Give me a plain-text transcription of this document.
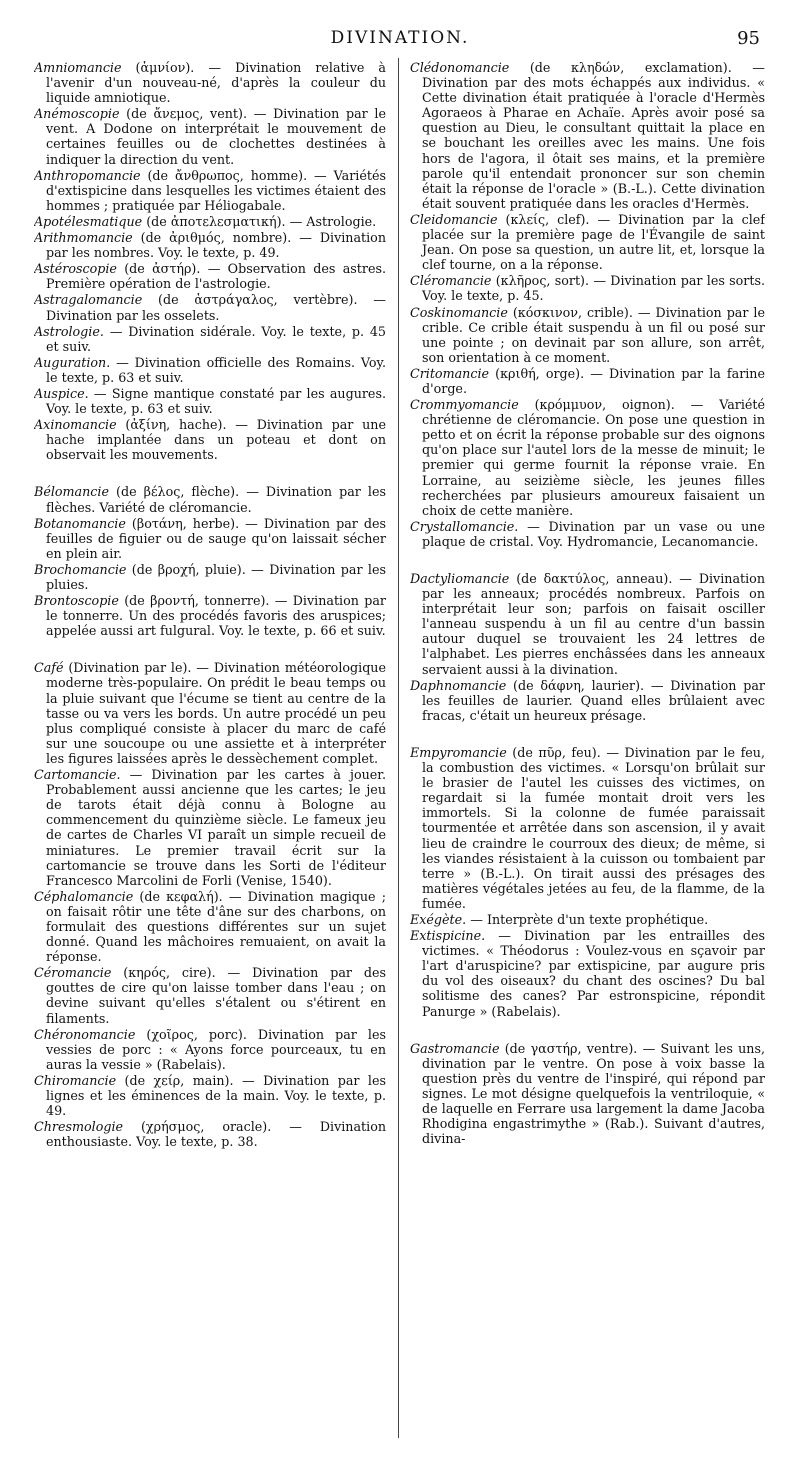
DIVINATION.	95

Amniomancie (ἀμνίον). — Divination relative à l'avenir d'un nouveau-né, d'après la couleur du liquide amniotique.

Anémoscopie (de ἄνεμος, vent). — Divination par le vent. A Dodone on interprétait le mouvement de certaines feuilles ou de clochettes destinées à indiquer la direction du vent.

Anthropomancie (de ἄνθρωπος, homme). — Variétés d'extispicine dans lesquelles les victimes étaient des hommes ; pratiquée par Héliogabale.

Apotélesmatique (de ἀποτελεσματική). — Astrologie.

Arithmomancie (de ἀριθμός, nombre). — Divination par les nombres. Voy. le texte, p. 49.

Astéroscopie (de ἀστήρ). — Observation des astres. Première opération de l'astrologie.

Astragalomancie (de ἀστράγαλος, vertèbre). — Divination par les osselets.

Astrologie. — Divination sidérale. Voy. le texte, p. 45 et suiv.

Auguration. — Divination officielle des Romains. Voy. le texte, p. 63 et suiv.

Auspice. — Signe mantique constaté par les augures. Voy. le texte, p. 63 et suiv.

Axinomancie (ἀξίνη, hache). — Divination par une hache implantée dans un poteau et dont on observait les mouvements.

Bélomancie (de βέλος, flèche). — Divination par les flèches. Variété de cléromancie.

Botanomancie (βοτάνη, herbe). — Divination par des feuilles de figuier ou de sauge qu'on laissait sécher en plein air.

Brochomancie (de βροχή, pluie). — Divination par les pluies.

Brontoscopie (de βροντή, tonnerre). — Divination par le tonnerre. Un des procédés favoris des aruspices; appelée aussi art fulgural. Voy. le texte, p. 66 et suiv.

Café (Divination par le). — Divination météorologique moderne très-populaire. On prédit le beau temps ou la pluie suivant que l'écume se tient au centre de la tasse ou va vers les bords. Un autre procédé un peu plus compliqué consiste à placer du marc de café sur une soucoupe ou une assiette et à interpréter les figures laissées après le dessèchement complet.

Cartomancie. — Divination par les cartes à jouer. Probablement aussi ancienne que les cartes; le jeu de tarots était déjà connu à Bologne au commencement du quinzième siècle. Le fameux jeu de cartes de Charles VI paraît un simple recueil de miniatures. Le premier travail écrit sur la cartomancie se trouve dans les Sorti de l'éditeur Francesco Marcolini de Forli (Venise, 1540).

Céphalomancie (de κεφαλή). — Divination magique ; on faisait rôtir une tête d'âne sur des charbons, on formulait des questions différentes sur un sujet donné. Quand les mâchoires remuaient, on avait la réponse.

Céromancie (κηρός, cire). — Divination par des gouttes de cire qu'on laisse tomber dans l'eau ; on devine suivant qu'elles s'étalent ou s'étirent en filaments.

Chéronomancie (χοῖρος, porc). Divination par les vessies de porc : « Ayons force pourceaux, tu en auras la vessie » (Rabelais).

Chiromancie (de χείρ, main). — Divination par les lignes et les éminences de la main. Voy. le texte, p. 49.

Chresmologie (χρήσμος, oracle). — Divination enthousiaste. Voy. le texte, p. 38.

Clédonomancie (de κληδών, exclamation). — Divination par des mots échappés aux individus. « Cette divination était pratiquée à l'oracle d'Hermès Agoraeos à Pharae en Achaïe. Après avoir posé sa question au Dieu, le consultant quittait la place en se bouchant les oreilles avec les mains. Une fois hors de l'agora, il ôtait ses mains, et la première parole qu'il entendait prononcer sur son chemin était la réponse de l'oracle » (B.-L.). Cette divination était souvent pratiquée dans les oracles d'Hermès.

Cleidomancie (κλείς, clef). — Divination par la clef placée sur la première page de l'Évangile de saint Jean. On pose sa question, un autre lit, et, lorsque la clef tourne, on a la réponse.

Cléromancie (κλῆρος, sort). — Divination par les sorts. Voy. le texte, p. 45.

Coskinomancie (κόσκινον, crible). — Divination par le crible. Ce crible était suspendu à un fil ou posé sur une pointe ; on devinait par son allure, son arrêt, son orientation à ce moment.

Critomancie (κριθή, orge). — Divination par la farine d'orge.

Crommyomancie (κρόμμυον, oignon). — Variété chrétienne de cléromancie. On pose une question in petto et on écrit la réponse probable sur des oignons qu'on place sur l'autel lors de la messe de minuit; le premier qui germe fournit la réponse vraie. En Lorraine, au seizième siècle, les jeunes filles recherchées par plusieurs amoureux faisaient un choix de cette manière.

Crystallomancie. — Divination par un vase ou une plaque de cristal. Voy. Hydromancie, Lecanomancie.

Dactyliomancie (de δακτύλος, anneau). — Divination par les anneaux; procédés nombreux. Parfois on interprétait leur son; parfois on faisait osciller l'anneau suspendu à un fil au centre d'un bassin autour duquel se trouvaient les 24 lettres de l'alphabet. Les pierres enchâssées dans les anneaux servaient aussi à la divination.

Daphnomancie (de δάφνη, laurier). — Divination par les feuilles de laurier. Quand elles brûlaient avec fracas, c'était un heureux présage.

Empyromancie (de πῦρ, feu). — Divination par le feu, la combustion des victimes. « Lorsqu'on brûlait sur le brasier de l'autel les cuisses des victimes, on regardait si la fumée montait droit vers les immortels. Si la colonne de fumée paraissait tourmentée et arrêtée dans son ascension, il y avait lieu de craindre le courroux des dieux; de même, si les viandes résistaient à la cuisson ou tombaient par terre » (B.-L.). On tirait aussi des présages des matières végétales jetées au feu, de la flamme, de la fumée.

Exégète. — Interprète d'un texte prophétique.

Extispicine. — Divination par les entrailles des victimes. « Théodorus : Voulez-vous en sçavoir par l'art d'aruspicine? par extispicine, par augure pris du vol des oiseaux? du chant des oscines? Du bal solitisme des canes? Par estronspicine, répondit Panurge » (Rabelais).

Gastromancie (de γαστήρ, ventre). — Suivant les uns, divination par le ventre. On pose à voix basse la question près du ventre de l'inspiré, qui répond par signes. Le mot désigne quelquefois la ventriloquie, « de laquelle en Ferrare usa largement la dame Jacoba Rhodigina engastrimythe » (Rab.). Suivant d'autres, divina-
